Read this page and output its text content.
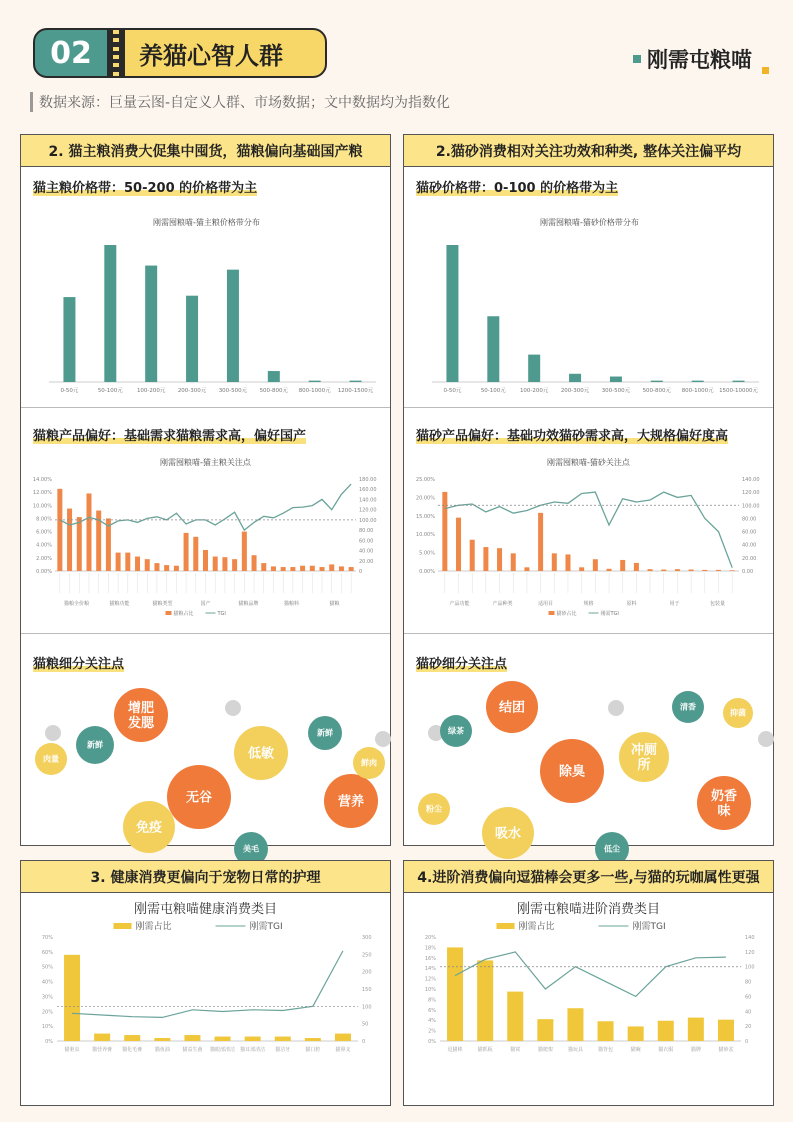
02	养猫心智人群	刚需屯粮喵
数据来源：巨量云图-自定义人群、市场数据；文中数据均为指数化
2. 猫主粮消费大促集中囤货，猫粮偏向基础国产粮
猫主粮价格带：50-200 的价格带为主
刚需囤粮喵-猫主粮价格带分布
0-50元	50-100元	100-200元 200-300元 300-500元 500-800元 800-1000元 1200-1500元
猫粮产品偏好：基础需求猫粮需求高，偏好国产
刚需囤粮喵-猫主粮关注点
0.00%
2.00%
4.00%
6.00%
8.00%
10.00%
12.00%
14.00%
0
20.00
40.00
60.00
80.00
100.00
120.00
140.00
160.00
180.00
猫粮全价粮	猫粮功能	猫粮类型	国产	猫粮品牌	猫粮料	猫粮
猫粮占比	TGI
猫粮细分关注点
增肥
发腮
无谷
低敏
营养
免疫
新鲜
鲜肉
美毛
新鲜
肉量
2.猫砂消费相对关注功效和种类, 整体关注偏平均
猫砂价格带：0-100 的价格带为主
刚需囤粮喵-猫砂价格带分布
0-50元	50-100元	100-200元 200-300元 300-500元 500-800元 800-1000元 1500-10000元
猫砂产品偏好：基础功效猫砂需求高，大规格偏好度高
刚需囤粮喵-猫砂关注点
0.00%
5.00%
10.00%
15.00%
20.00%
25.00%
0.00
20.00
40.00
60.00
80.00
100.00
120.00
140.00
产品功能	产品种类	适用目	规格	原料	用于	包装量
猫砂占比	刚需TGI
猫砂细分关注点
结团
除臭
冲厕
所
奶香
味
吸水
绿茶
粉尘
低尘
清香
抑菌
3. 健康消费更偏向于宠物日常的护理
刚需屯粮喵健康消费类目
刚需占比	刚需TGI
0%
10%
20%
30%
40%
50%
60%
70%
0
50
100
150
200
250
300
猫驱虫	猫营养膏 猫化毛膏	猫鱼油	猫益生菌 猫眼部清洁 猫耳部清洁 猫洁牙	猫口腔	猫鼻支
4.进阶消费偏向逗猫棒会更多一些,与猫的玩咖属性更强
刚需屯粮喵进阶消费类目
刚需占比	刚需TGI
0%
2%
4%
6%
8%
10%
12%
14%
16%
18%
20%
0
20
40
60
80
100
120
140
逗猫棒	猫抓板	猫窝	猫爬架	猫玩具	猫背包	猫碗	猫衣服	猫牌	猫砂盆
